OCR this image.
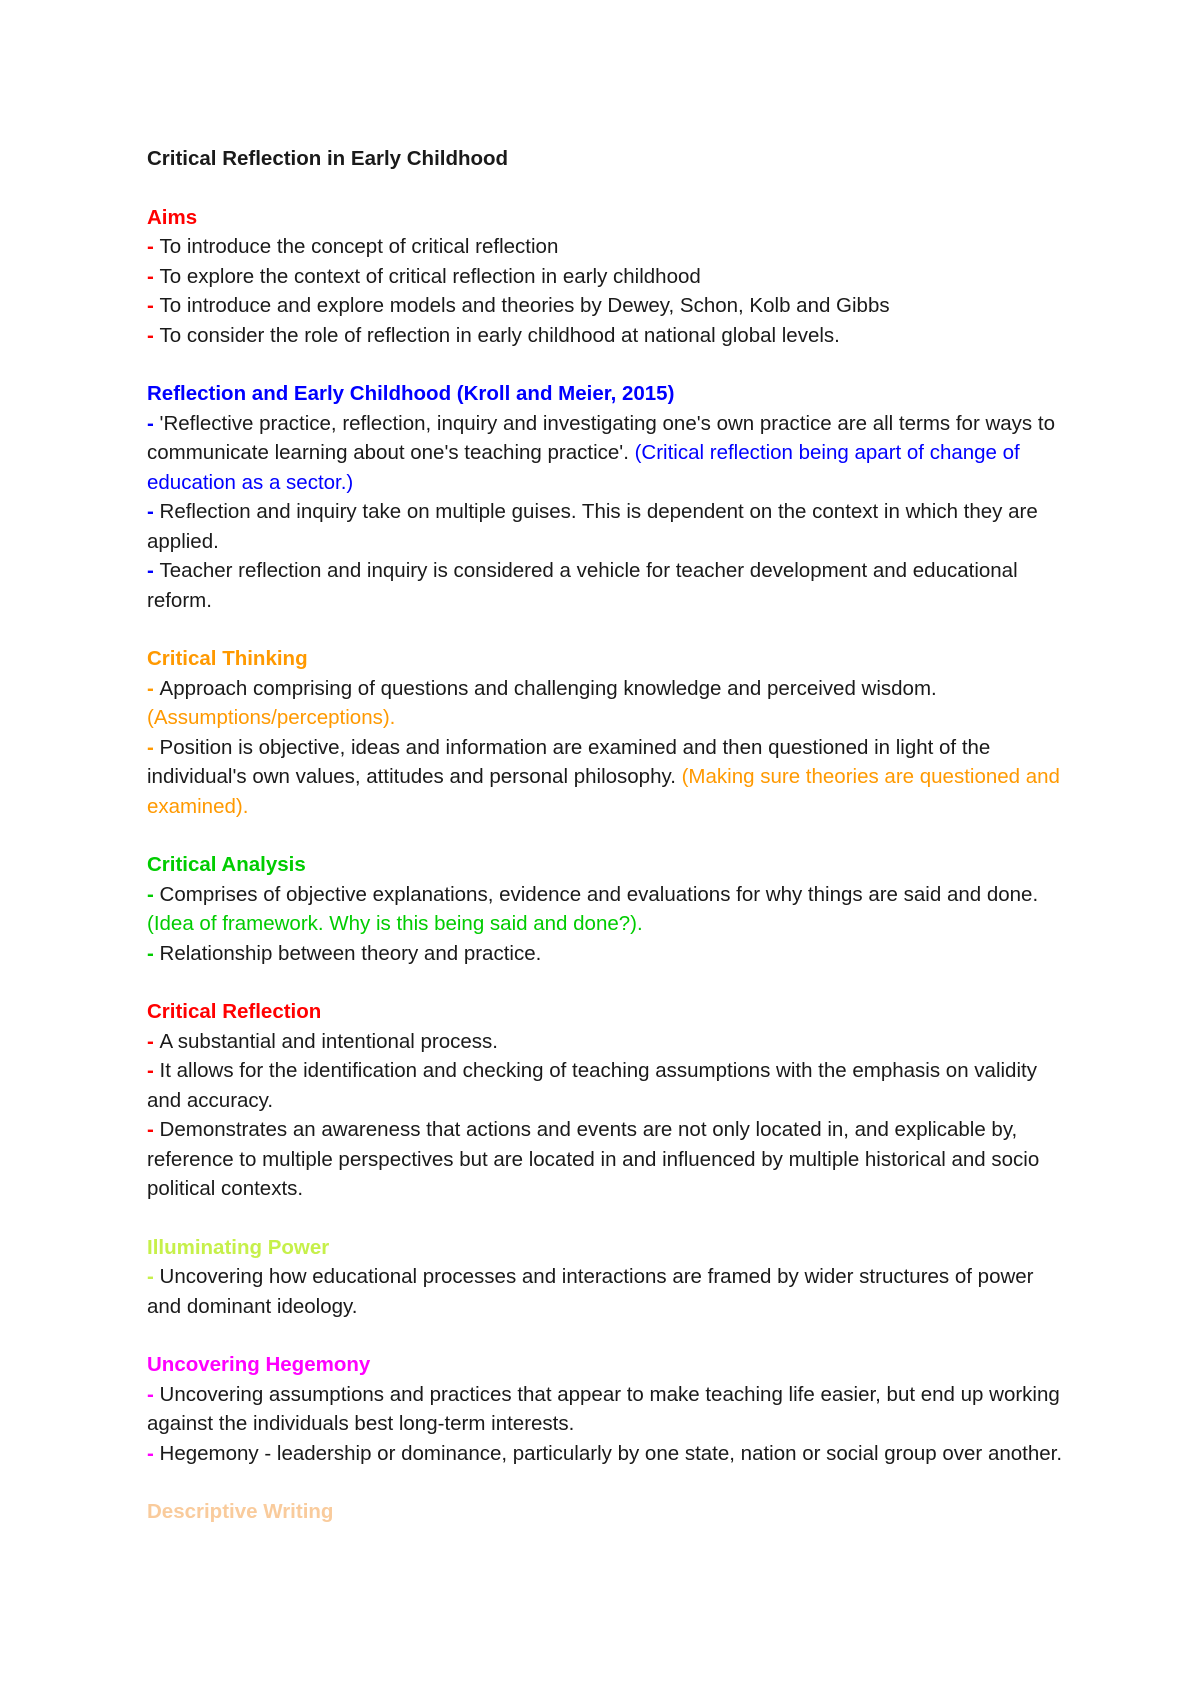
Critical Reflection in Early Childhood

Aims

- To introduce the concept of critical reflection

- To explore the context of critical reflection in early childhood

- To introduce and explore models and theories by Dewey, Schon, Kolb and Gibbs

- To consider the role of reflection in early childhood at national global levels.

Reflection and Early Childhood (Kroll and Meier, 2015)

- 'Reflective practice, reflection, inquiry and investigating one's own practice are all terms for ways to communicate learning about one's teaching practice'. (Critical reflection being apart of change of education as a sector.)

- Reflection and inquiry take on multiple guises. This is dependent on the context in which they are applied.

- Teacher reflection and inquiry is considered a vehicle for teacher development and educational reform.

Critical Thinking

- Approach comprising of questions and challenging knowledge and perceived wisdom. (Assumptions/perceptions).

- Position is objective, ideas and information are examined and then questioned in light of the individual's own values, attitudes and personal philosophy. (Making sure theories are questioned and examined).

Critical Analysis

- Comprises of objective explanations, evidence and evaluations for why things are said and done. (Idea of framework. Why is this being said and done?).

- Relationship between theory and practice.

Critical Reflection

- A substantial and intentional process.

- It allows for the identification and checking of teaching assumptions with the emphasis on validity and accuracy.

- Demonstrates an awareness that actions and events are not only located in, and explicable by, reference to multiple perspectives but are located in and influenced by multiple historical and socio political contexts.

Illuminating Power

- Uncovering how educational processes and interactions are framed by wider structures of power and dominant ideology.

Uncovering Hegemony

- Uncovering assumptions and practices that appear to make teaching life easier, but end up working against the individuals best long-term interests.

- Hegemony - leadership or dominance, particularly by one state, nation or social group over another.

Descriptive Writing
